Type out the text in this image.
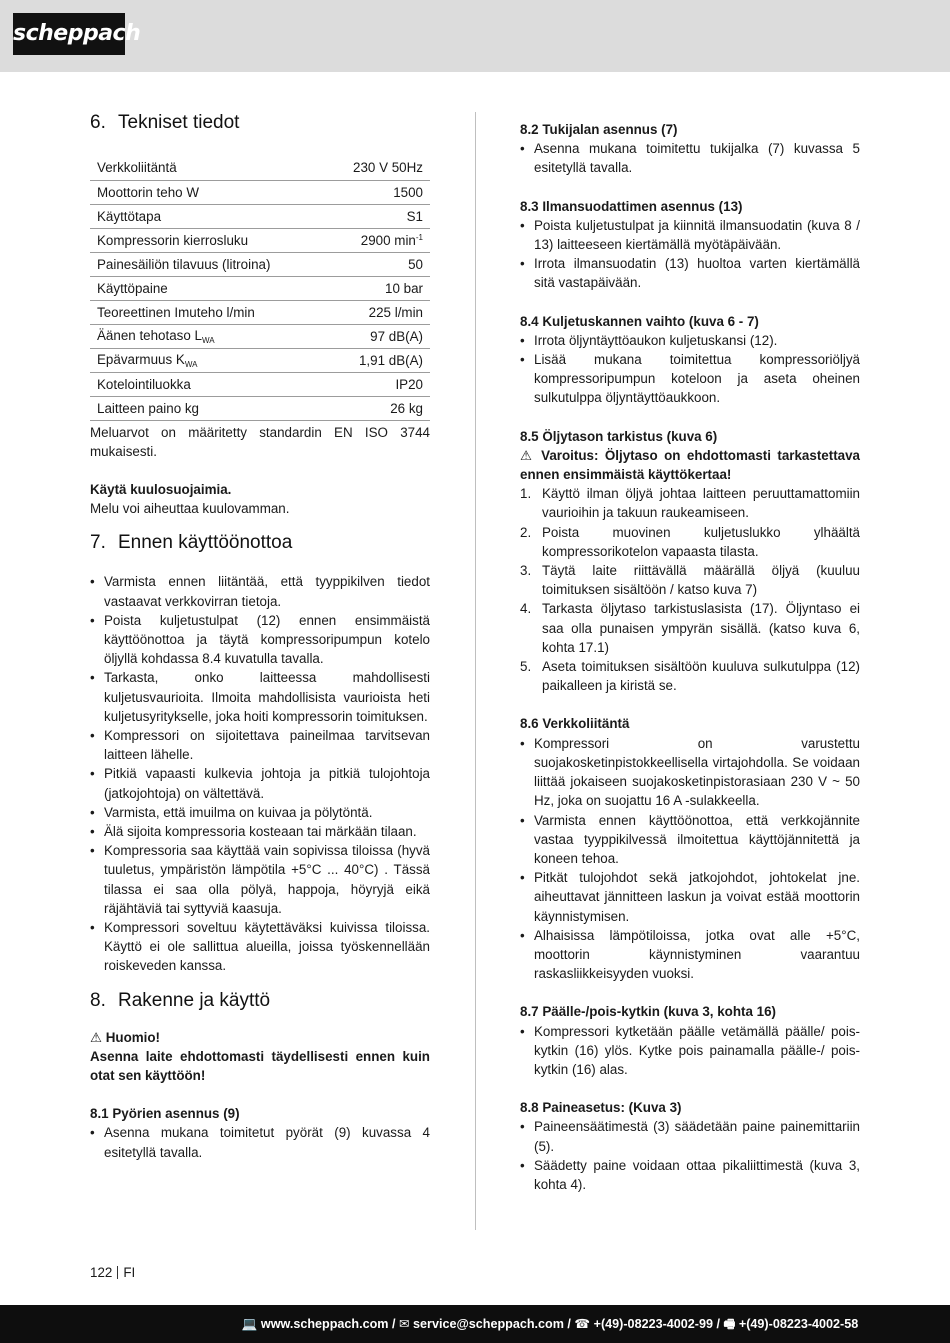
scheppach
6. Tekniset tiedot
Verkkoliitäntä	230 V 50Hz
Moottorin teho W	1500
Käyttötapa	S1
Kompressorin kierrosluku	2900 $\min^{-1}$
Painesäiliön tilavuus (litroina)	50
Käyttöpaine	10 bar
Teoreettinen Imuteho l/min	225 l/min
Äänen tehotaso $L_{WA}$	97 dB(A)
Epävarmuus $K_{WA}$	1,91 dB(A)
Kotelointiluokka	IP20
Laitteen paino kg	26 kg

Meluarvot on määritetty standardin EN ISO 3744 mukaisesti.

Käytä kuulosuojaimia.

Melu voi aiheuttaa kuulovamman.

7. Ennen käyttöönottoa
• Varmista ennen liitäntää, että tyyppikilven tiedot vastaavat verkkovirran tietoja.
• Poista kuljetustulpat (12) ennen ensimmäistä käyttöönottoa ja täytä kompressoripumpun kotelo öljyllä kohdassa 8.4 kuvatulla tavalla.
• Tarkasta, onko laitteessa mahdollisesti kuljetusvaurioita. Ilmoita mahdollisista vaurioista heti kuljetusyritykselle, joka hoiti kompressorin toimituksen.
• Kompressori on sijoitettava paineilmaa tarvitsevan laitteen lähelle.
• Pitkiä vapaasti kulkevia johtoja ja pitkiä tulojohtoja (jatkojohtoja) on vältettävä.
• Varmista, että imuilma on kuivaa ja pölytöntä.
• Älä sijoita kompressoria kosteaan tai märkään tilaan.
• Kompressoria saa käyttää vain sopivissa tiloissa (hyvä tuuletus, ympäristön lämpötila +5°C ... 40°C) . Tässä tilassa ei saa olla pölyä, happoja, höyryjä eikä räjähtäviä tai syttyviä kaasuja.
• Kompressori soveltuu käytettäväksi kuivissa tiloissa. Käyttö ei ole sallittua alueilla, joissa työskennellään roiskeveden kanssa.
8. Rakenne ja käyttö

⚠ Huomio!

Asenna laite ehdottomasti täydellisesti ennen kuin otat sen käyttöön!

8.1 Pyörien asennus (9)

• Asenna mukana toimitetut pyörät (9) kuvassa 4 esitetyllä tavalla.

8.2 Tukijalan asennus (7)

• Asenna mukana toimitettu tukijalka (7) kuvassa 5 esitetyllä tavalla.

8.3 Ilmansuodattimen asennus (13)

• Poista kuljetustulpat ja kiinnitä ilmansuodatin (kuva 8 / 13) laitteeseen kiertämällä myötäpäivään.
• Irrota ilmansuodatin (13) huoltoa varten kiertämällä sitä vastapäivään.

8.4 Kuljetuskannen vaihto (kuva 6 - 7)

• Irrota öljyntäyttöaukon kuljetuskansi (12).
• Lisää mukana toimitettua kompressoriöljyä kompressoripumpun koteloon ja aseta oheinen sulkutulppa öljyntäyttöaukkoon.

8.5 Öljytason tarkistus (kuva 6)

⚠ Varoitus: Öljytaso on ehdottomasti tarkastettava ennen ensimmäistä käyttökertaa!

1. Käyttö ilman öljyä johtaa laitteen peruuttamattomiin vaurioihin ja takuun raukeamiseen.
2. Poista muovinen kuljetuslukko ylhäältä kompressorikotelon vapaasta tilasta.
3. Täytä laite riittävällä määrällä öljyä (kuuluu toimituksen sisältöön / katso kuva 7)
4. Tarkasta öljytaso tarkistuslasista (17). Öljyntaso ei saa olla punaisen ympyrän sisällä. (katso kuva 6, kohta 17.1)
5. Aseta toimituksen sisältöön kuuluva sulkutulppa (12) paikalleen ja kiristä se.

8.6 Verkkoliitäntä

• Kompressori on varustettu suojakosketinpistokkeellisella virtajohdolla. Se voidaan liittää jokaiseen suojakosketinpistorasiaan 230 V ~ 50 Hz, joka on suojattu 16 A -sulakkeella.
• Varmista ennen käyttöönottoa, että verkkojännite vastaa tyyppikilvessä ilmoitettua käyttöjännitettä ja koneen tehoa.
• Pitkät tulojohdot sekä jatkojohdot, johtokelat jne. aiheuttavat jännitteen laskun ja voivat estää moottorin käynnistymisen.
• Alhaisissa lämpötiloissa, jotka ovat alle +5°C, moottorin käynnistyminen vaarantuu raskasliikkeisyyden vuoksi.

8.7 Päälle-/pois-kytkin (kuva 3, kohta 16)

• Kompressori kytketään päälle vetämällä päälle/ pois-kytkin (16) ylös. Kytke pois painamalla päälle-/ pois-kytkin (16) alas.

8.8 Paineasetus: (Kuva 3)

• Paineensäätimestä (3) säädetään paine painemittariin (5).
• Säädetty paine voidaan ottaa pikaliittimestä (kuva 3, kohta 4).
122 FI
💻 www.scheppach.com / ✉ service@scheppach.com / ☎ +(49)-08223-4002-99 / 🖷 +(49)-08223-4002-58
